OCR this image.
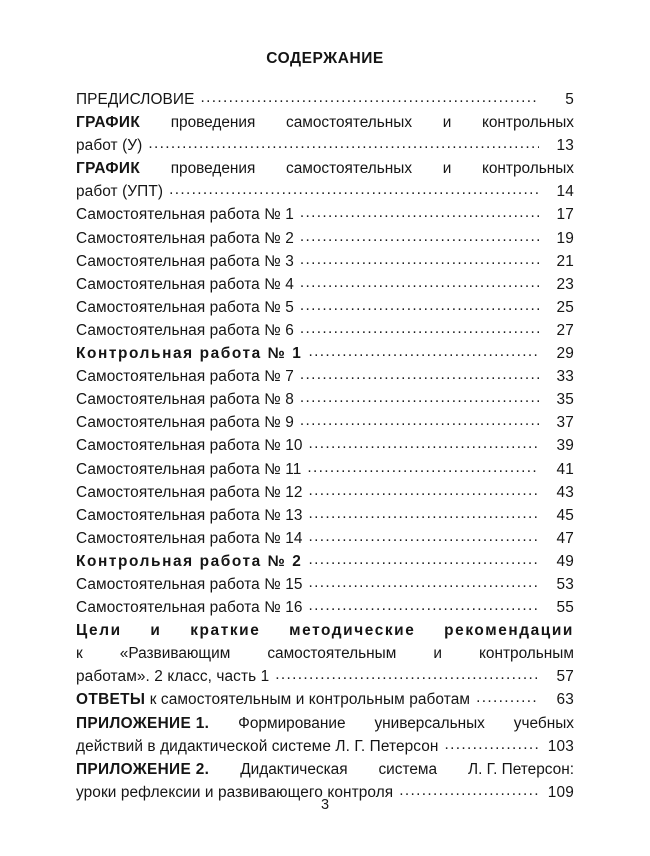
СОДЕРЖАНИЕ
ПРЕДИСЛОВИЕ .....	5
ГРАФИК проведения самостоятельных и контрольных
работ (У) .....	13
ГРАФИК проведения самостоятельных и контрольных
работ (УПТ) .....	14
Самостоятельная работа № 1 .....	17
Самостоятельная работа № 2 .....	19
Самостоятельная работа № 3 .....	21
Самостоятельная работа № 4 .....	23
Самостоятельная работа № 5 .....	25
Самостоятельная работа № 6 .....	27
Контрольная работа № 1 .....	29
Самостоятельная работа № 7 .....	33
Самостоятельная работа № 8 .....	35
Самостоятельная работа № 9 .....	37
Самостоятельная работа № 10 .....	39
Самостоятельная работа № 11 .....	41
Самостоятельная работа № 12 .....	43
Самостоятельная работа № 13 .....	45
Самостоятельная работа № 14 .....	47
Контрольная работа № 2 .....	49
Самостоятельная работа № 15 .....	53
Самостоятельная работа № 16 .....	55
Цели и краткие методические рекомендации
к «Развивающим самостоятельным и контрольным
работам». 2 класс, часть 1 .....	57
ОТВЕТЫ к самостоятельным и контрольным работам .....	63
ПРИЛОЖЕНИЕ 1. Формирование универсальных учебных
действий в дидактической системе Л. Г. Петерсон .....	103
ПРИЛОЖЕНИЕ 2. Дидактическая система Л. Г. Петерсон:
уроки рефлексии и развивающего контроля .....	109
3
